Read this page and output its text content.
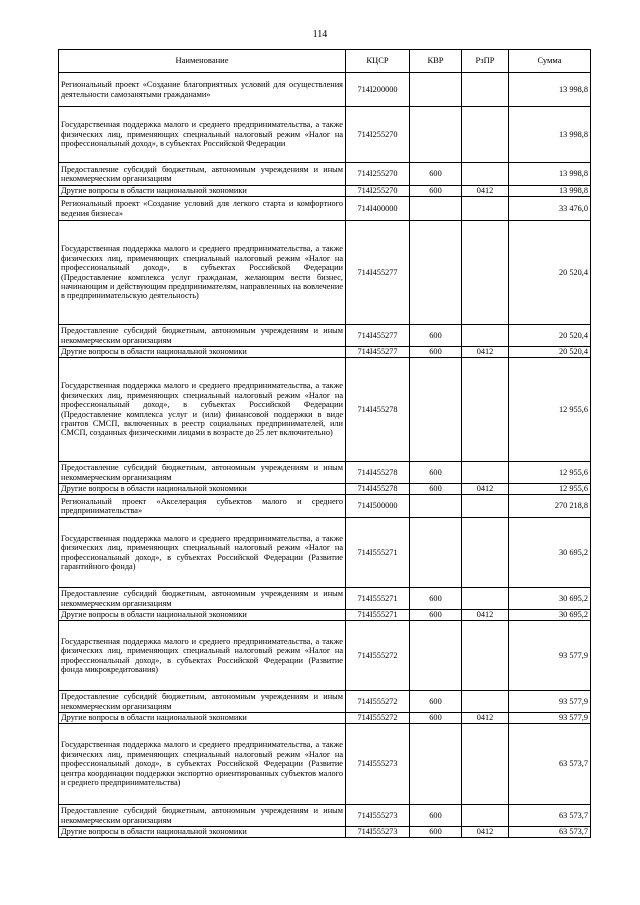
114
Наименование	КЦСР	КВР	РзПР	Сумма
Региональный проект «Создание благоприятных условий для осуществления деятельности самозанятыми гражданами»	714I200000			13 998,8
Государственная поддержка малого и среднего предпринимательства, а также физических лиц, применяющих специальный налоговый режим «Налог на профессиональный доход», в субъектах Российской Федерации	714I255270			13 998,8
Предоставление субсидий бюджетным, автономным учреждениям и иным некоммерческим организациям	714I255270	600		13 998,8
Другие вопросы в области национальной экономики	714I255270	600	0412	13 998,8
Региональный проект «Создание условий для легкого старта и комфортного ведения бизнеса»	714I400000			33 476,0
Государственная поддержка малого и среднего предпринимательства, а также физических лиц, применяющих специальный налоговый режим «Налог на профессиональный доход», в субъектах Российской Федерации (Предоставление комплекса услуг гражданам, желающим вести бизнес, начинающим и действующим предпринимателям, направленных на вовлечение в предпринимательскую деятельность)	714I455277			20 520,4
Предоставление субсидий бюджетным, автономным учреждениям и иным некоммерческим организациям	714I455277	600		20 520,4
Другие вопросы в области национальной экономики	714I455277	600	0412	20 520,4
Государственная поддержка малого и среднего предпринимательства, а также физических лиц, применяющих специальный налоговый режим «Налог на профессиональный доход», в субъектах Российской Федерации (Предоставление комплекса услуг и (или) финансовой поддержки в виде грантов СМСП, включенных в реестр социальных предпринимателей, или СМСП, созданных физическими лицами в возрасте до 25 лет включительно)	714I455278			12 955,6
Предоставление субсидий бюджетным, автономным учреждениям и иным некоммерческим организациям	714I455278	600		12 955,6
Другие вопросы в области национальной экономики	714I455278	600	0412	12 955,6
Региональный проект «Акселерация субъектов малого и среднего предпринимательства»	714I500000			270 218,8
Государственная поддержка малого и среднего предпринимательства, а также физических лиц, применяющих специальный налоговый режим «Налог на профессиональный доход», в субъектах Российской Федерации (Развитие гарантийного фонда)	714I555271			30 695,2
Предоставление субсидий бюджетным, автономным учреждениям и иным некоммерческим организациям	714I555271	600		30 695,2
Другие вопросы в области национальной экономики	714I555271	600	0412	30 695,2
Государственная поддержка малого и среднего предпринимательства, а также физических лиц, применяющих специальный налоговый режим «Налог на профессиональный доход», в субъектах Российской Федерации (Развитие фонда микрокредитования)	714I555272			93 577,9
Предоставление субсидий бюджетным, автономным учреждениям и иным некоммерческим организациям	714I555272	600		93 577,9
Другие вопросы в области национальной экономики	714I555272	600	0412	93 577,9
Государственная поддержка малого и среднего предпринимательства, а также физических лиц, применяющих специальный налоговый режим «Налог на профессиональный доход», в субъектах Российской Федерации (Развитие центра координации поддержки экспортно ориентированных субъектов малого и среднего предпринимательства)	714I555273			63 573,7
Предоставление субсидий бюджетным, автономным учреждениям и иным некоммерческим организациям	714I555273	600		63 573,7
Другие вопросы в области национальной экономики	714I555273	600	0412	63 573,7
